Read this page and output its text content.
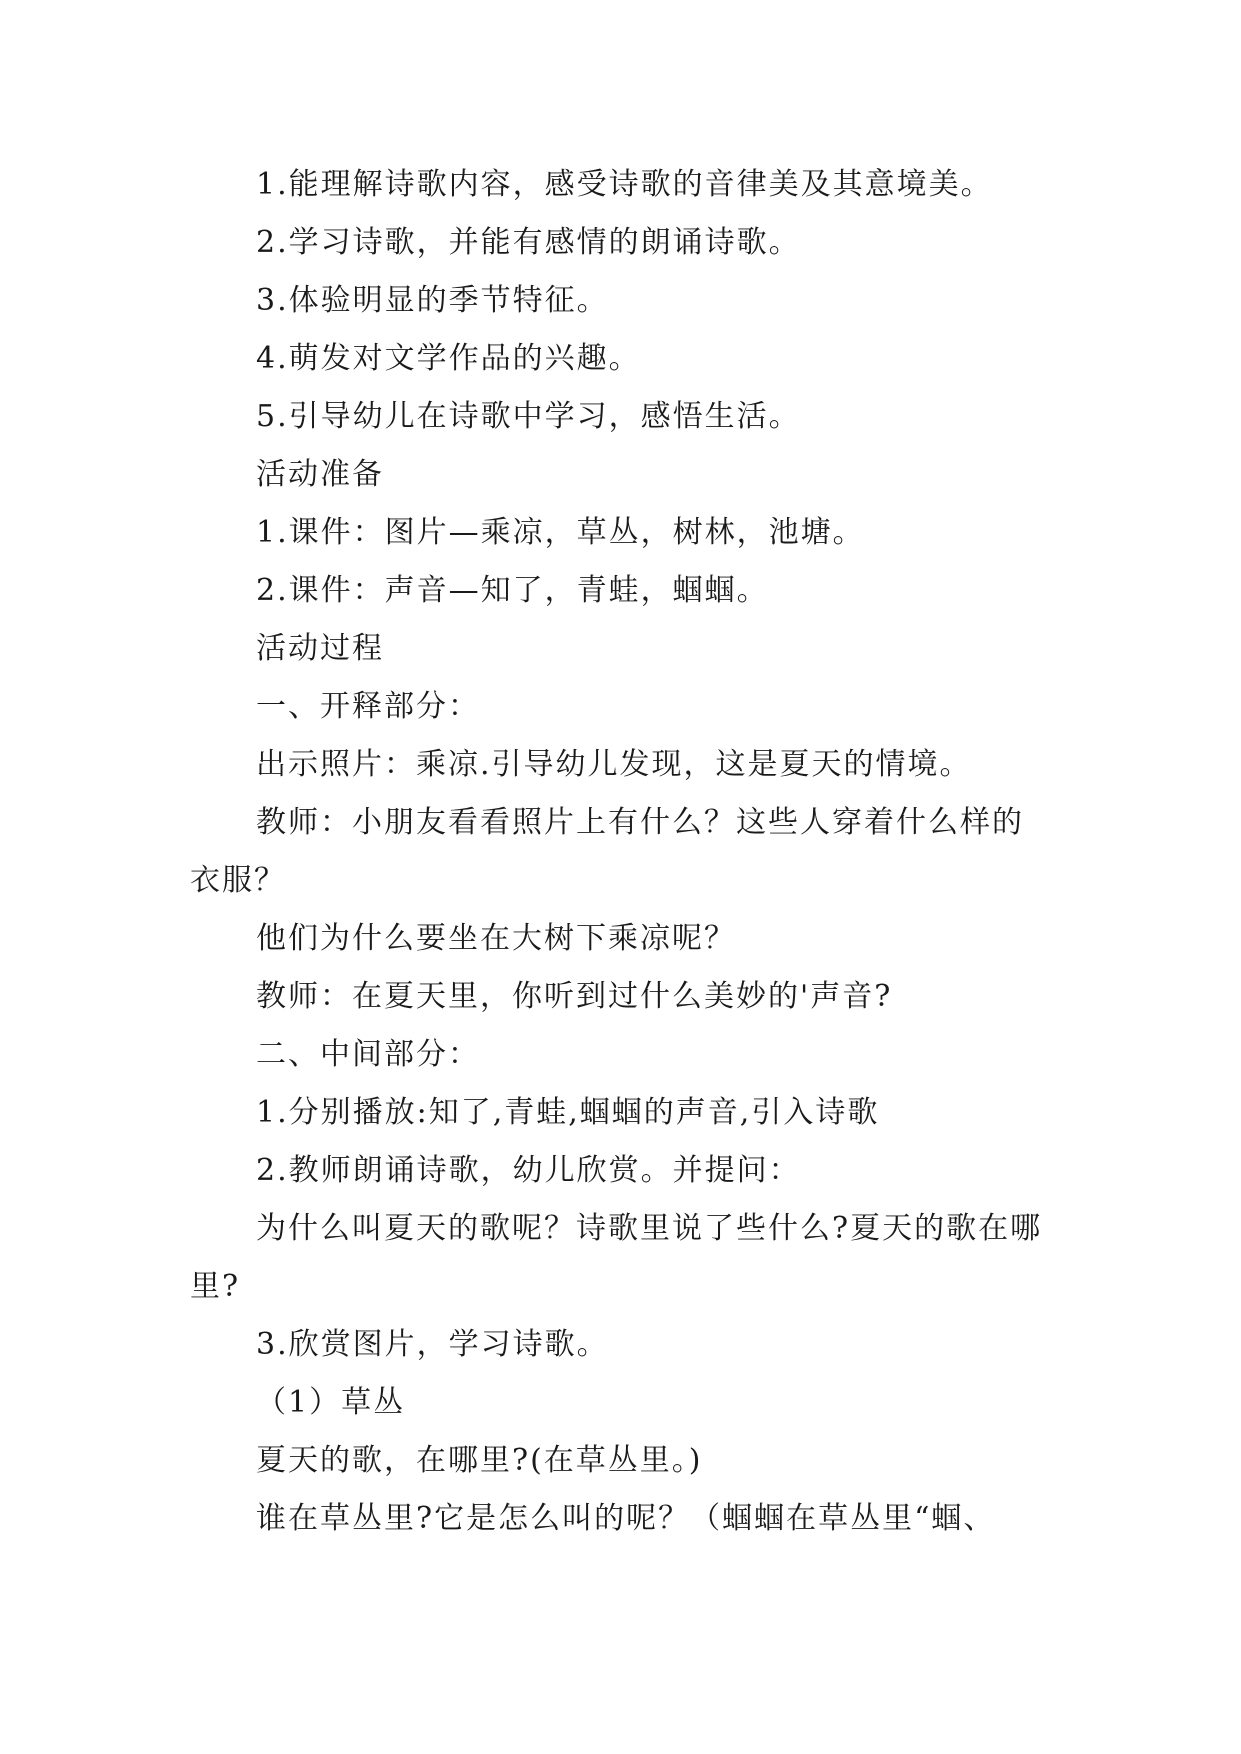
1.能理解诗歌内容，感受诗歌的音律美及其意境美。
2.学习诗歌，并能有感情的朗诵诗歌。
3.体验明显的季节特征。
4.萌发对文学作品的兴趣。
5.引导幼儿在诗歌中学习，感悟生活。
活动准备
1.课件：图片—乘凉，草丛，树林，池塘。
2.课件：声音—知了，青蛙，蝈蝈。
活动过程
一、开释部分：
出示照片：乘凉.引导幼儿发现，这是夏天的情境。
教师：小朋友看看照片上有什么？这些人穿着什么样的衣服？
他们为什么要坐在大树下乘凉呢？
教师：在夏天里，你听到过什么美妙的'声音?
二、中间部分：
1.分别播放:知了,青蛙,蝈蝈的声音,引入诗歌
2.教师朗诵诗歌，幼儿欣赏。并提问：
为什么叫夏天的歌呢？诗歌里说了些什么?夏天的歌在哪里?
3.欣赏图片，学习诗歌。
（1）草丛
夏天的歌，在哪里?(在草丛里。)
谁在草丛里?它是怎么叫的呢？（蝈蝈在草丛里“蝈、
